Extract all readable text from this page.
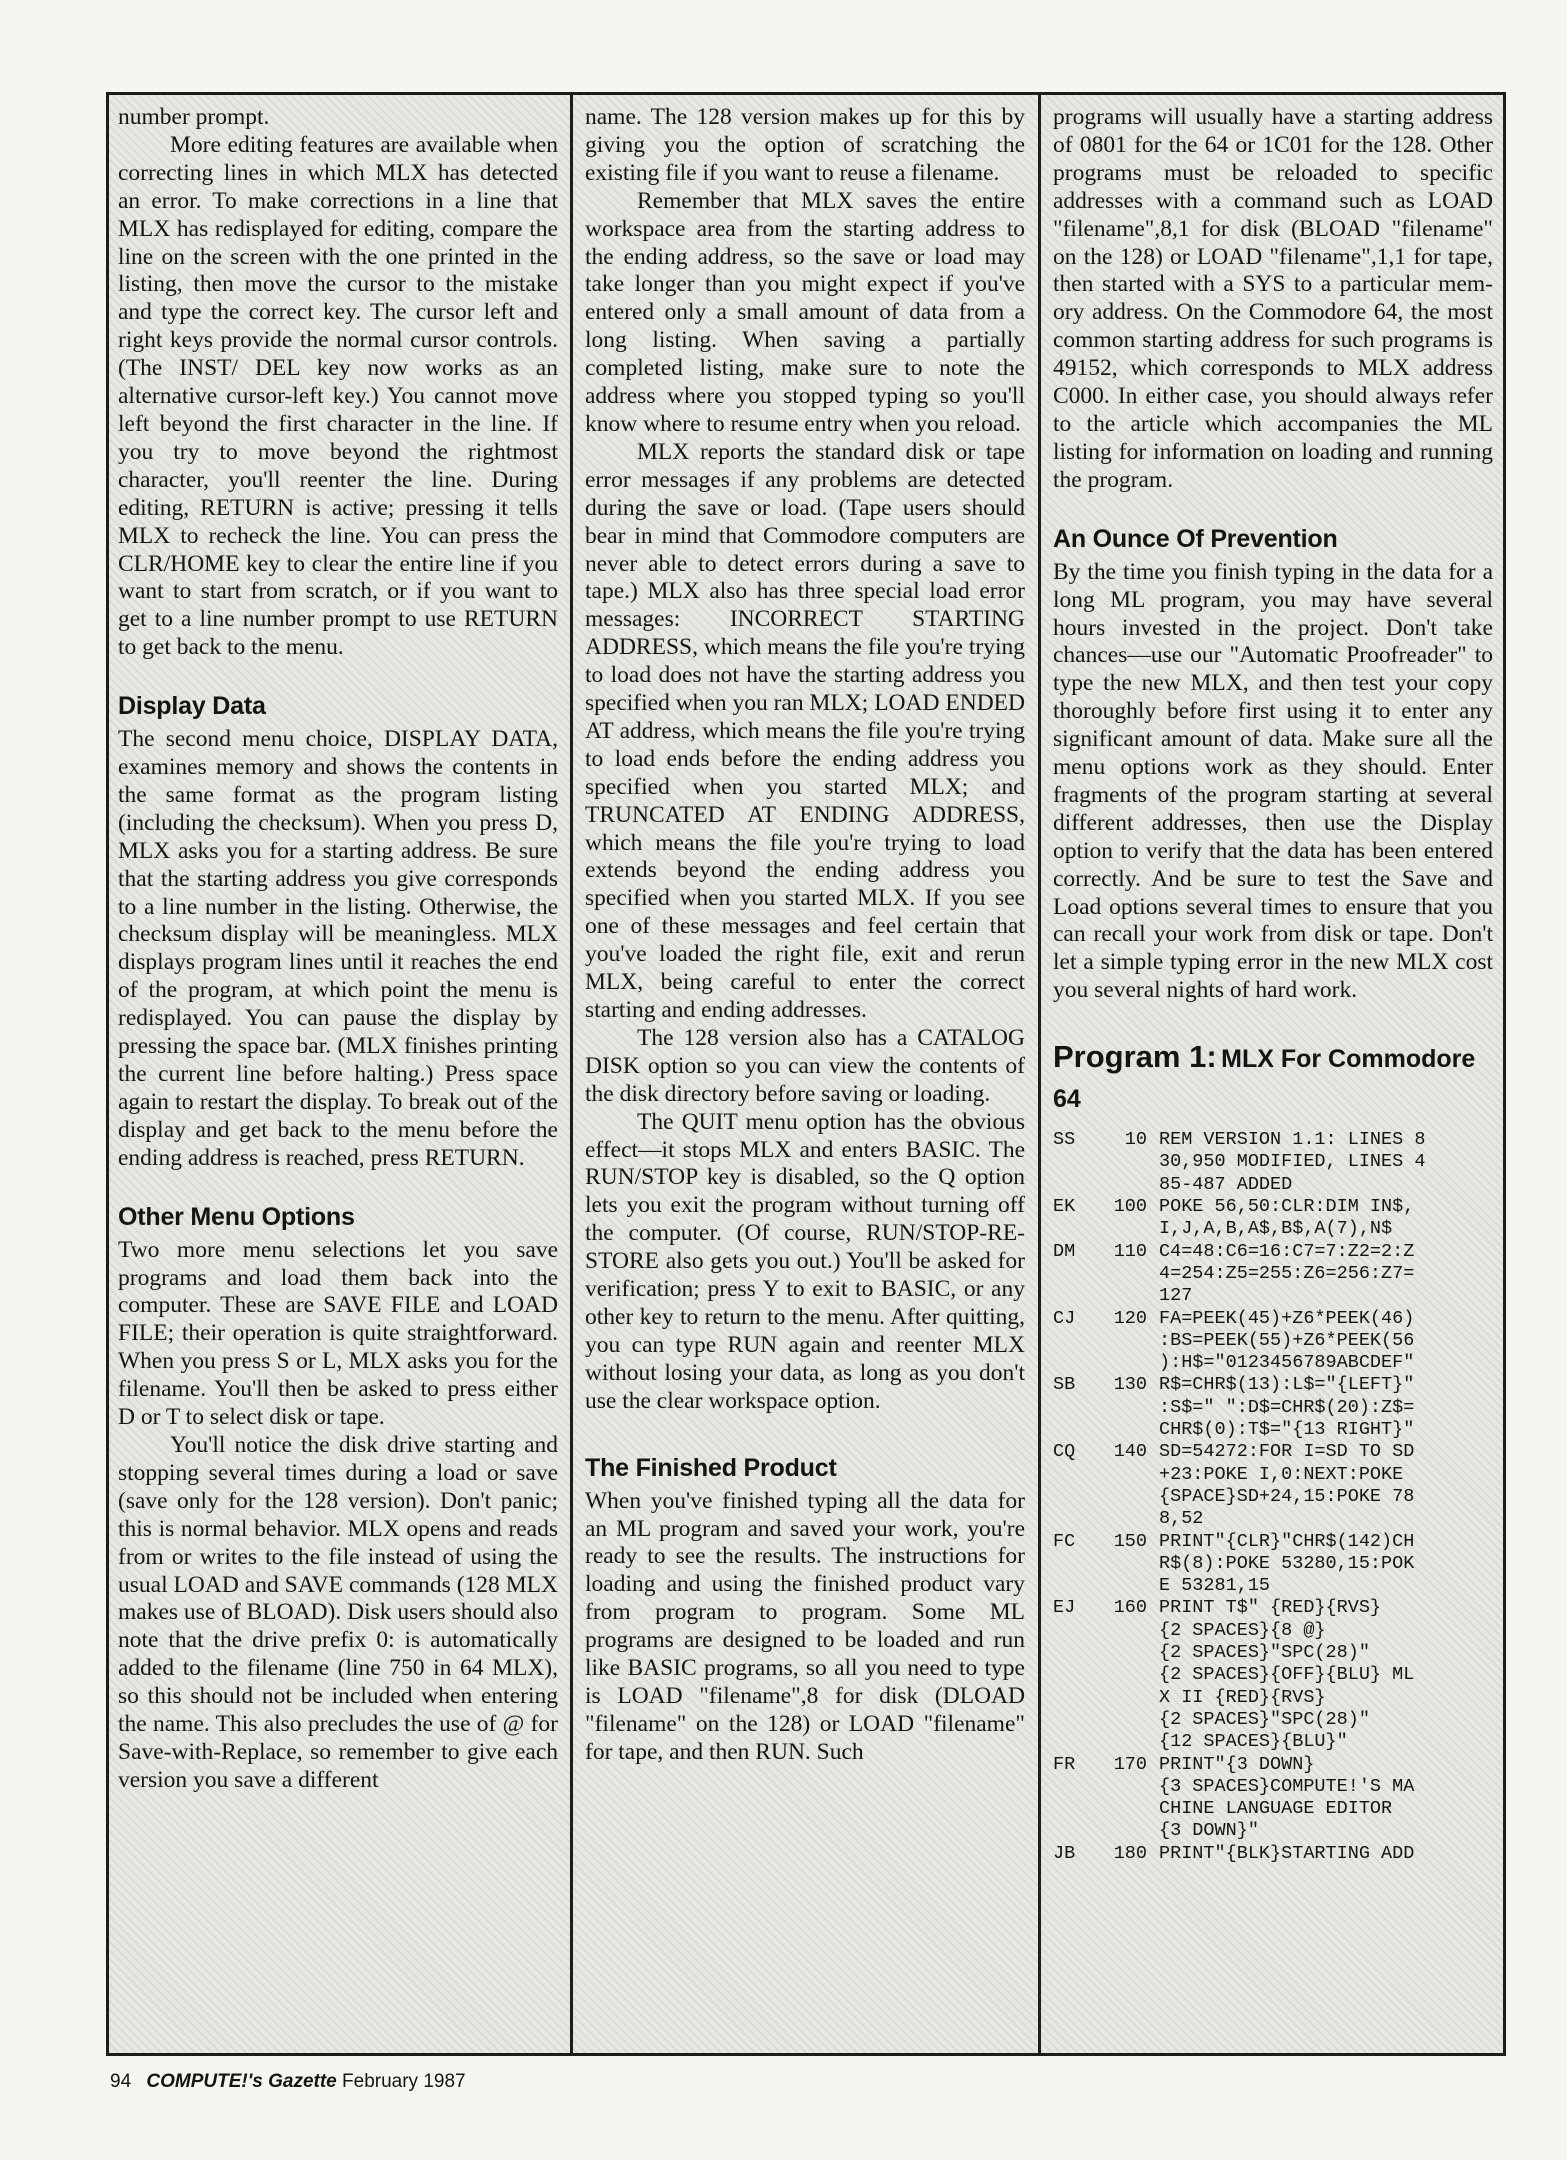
number prompt.

More editing features are available when correcting lines in which MLX has detected an error. To make corrections in a line that MLX has redisplayed for editing, compare the line on the screen with the one printed in the listing, then move the cursor to the mistake and type the correct key. The cursor left and right keys provide the normal cursor controls. (The INST/ DEL key now works as an alternative cursor-left key.) You cannot move left beyond the first character in the line. If you try to move beyond the rightmost character, you'll reenter the line. During editing, RETURN is active; pressing it tells MLX to recheck the line. You can press the CLR/HOME key to clear the entire line if you want to start from scratch, or if you want to get to a line number prompt to use RETURN to get back to the menu.

Display Data

The second menu choice, DISPLAY DATA, examines memory and shows the contents in the same format as the program listing (including the checksum). When you press D, MLX asks you for a starting address. Be sure that the starting address you give corresponds to a line number in the listing. Otherwise, the checksum display will be meaningless. MLX displays program lines until it reaches the end of the program, at which point the menu is redisplayed. You can pause the display by pressing the space bar. (MLX finishes printing the current line before halting.) Press space again to restart the display. To break out of the display and get back to the menu before the ending address is reached, press RETURN.

Other Menu Options

Two more menu selections let you save programs and load them back into the computer. These are SAVE FILE and LOAD FILE; their operation is quite straightforward. When you press S or L, MLX asks you for the filename. You'll then be asked to press either D or T to select disk or tape.

You'll notice the disk drive starting and stopping several times during a load or save (save only for the 128 version). Don't panic; this is normal behavior. MLX opens and reads from or writes to the file instead of using the usual LOAD and SAVE commands (128 MLX makes use of BLOAD). Disk users should also note that the drive prefix 0: is automatically added to the filename (line 750 in 64 MLX), so this should not be included when entering the name. This also precludes the use of @ for Save-with-Replace, so remember to give each version you save a different

name. The 128 version makes up for this by giving you the option of scratching the existing file if you want to reuse a filename.

Remember that MLX saves the entire workspace area from the starting address to the ending address, so the save or load may take longer than you might expect if you've entered only a small amount of data from a long listing. When saving a partially completed listing, make sure to note the address where you stopped typing so you'll know where to resume entry when you reload.

MLX reports the standard disk or tape error messages if any problems are detected during the save or load. (Tape users should bear in mind that Commodore computers are never able to detect errors during a save to tape.) MLX also has three special load error messages: INCORRECT STARTING ADDRESS, which means the file you're trying to load does not have the starting address you specified when you ran MLX; LOAD ENDED AT address, which means the file you're trying to load ends before the ending address you specified when you started MLX; and TRUNCATED AT ENDING ADDRESS, which means the file you're trying to load extends beyond the ending address you specified when you started MLX. If you see one of these messages and feel certain that you've loaded the right file, exit and rerun MLX, being careful to enter the correct starting and ending addresses.

The 128 version also has a CATALOG DISK option so you can view the contents of the disk directory before saving or loading.

The QUIT menu option has the obvious effect—it stops MLX and enters BASIC. The RUN/STOP key is disabled, so the Q option lets you exit the program without turning off the computer. (Of course, RUN/STOP-RESTORE also gets you out.) You'll be asked for verification; press Y to exit to BASIC, or any other key to return to the menu. After quitting, you can type RUN again and reenter MLX without losing your data, as long as you don't use the clear workspace option.

The Finished Product

When you've finished typing all the data for an ML program and saved your work, you're ready to see the results. The instructions for loading and using the finished product vary from program to program. Some ML programs are designed to be loaded and run like BASIC programs, so all you need to type is LOAD "filename",8 for disk (DLOAD "filename" on the 128) or LOAD "filename" for tape, and then RUN. Such

programs will usually have a starting address of 0801 for the 64 or 1C01 for the 128. Other programs must be reloaded to specific addresses with a command such as LOAD "filename",8,1 for disk (BLOAD "filename" on the 128) or LOAD "filename",1,1 for tape, then started with a SYS to a particular memory address. On the Commodore 64, the most common starting address for such programs is 49152, which corresponds to MLX address C000. In either case, you should always refer to the article which accompanies the ML listing for information on loading and running the program.

An Ounce Of Prevention

By the time you finish typing in the data for a long ML program, you may have several hours invested in the project. Don't take chances—use our "Automatic Proofreader" to type the new MLX, and then test your copy thoroughly before first using it to enter any significant amount of data. Make sure all the menu options work as they should. Enter fragments of the program starting at several different addresses, then use the Display option to verify that the data has been entered correctly. And be sure to test the Save and Load options several times to ensure that you can recall your work from disk or tape. Don't let a simple typing error in the new MLX cost you several nights of hard work.

Program 1: MLX For Commodore 64
SS	10 REM VERSION 1.1: LINES 8
30,950 MODIFIED, LINES 4
85-487 ADDED
EK	100 POKE 56,50:CLR:DIM IN$,
I,J,A,B,A$,B$,A(7),N$
DM	110 C4=48:C6=16:C7=7:Z2=2:Z
4=254:Z5=255:Z6=256:Z7=
127
CJ	120 FA=PEEK(45)+Z6*PEEK(46)
:BS=PEEK(55)+Z6*PEEK(56
):H$="0123456789ABCDEF"
SB	130 R$=CHR$(13):L$="{LEFT}"
:S$=" ":D$=CHR$(20):Z$=
CHR$(0):T$="{13 RIGHT}"
CQ	140 SD=54272:FOR I=SD TO SD
+23:POKE I,0:NEXT:POKE
{SPACE}SD+24,15:POKE 78
8,52
FC	150 PRINT"{CLR}"CHR$(142)CH
R$(8):POKE 53280,15:POK
E 53281,15
EJ	160 PRINT T$" {RED}{RVS}
{2 SPACES}{8 @}
{2 SPACES}"SPC(28)"
{2 SPACES}{OFF}{BLU} ML
X II {RED}{RVS}
{2 SPACES}"SPC(28)"
{12 SPACES}{BLU}"
FR	170 PRINT"{3 DOWN}
{3 SPACES}COMPUTE!'S MA
CHINE LANGUAGE EDITOR
{3 DOWN}"
JB	180 PRINT"{BLK}STARTING ADD
94 COMPUTE!'s Gazette February 1987
